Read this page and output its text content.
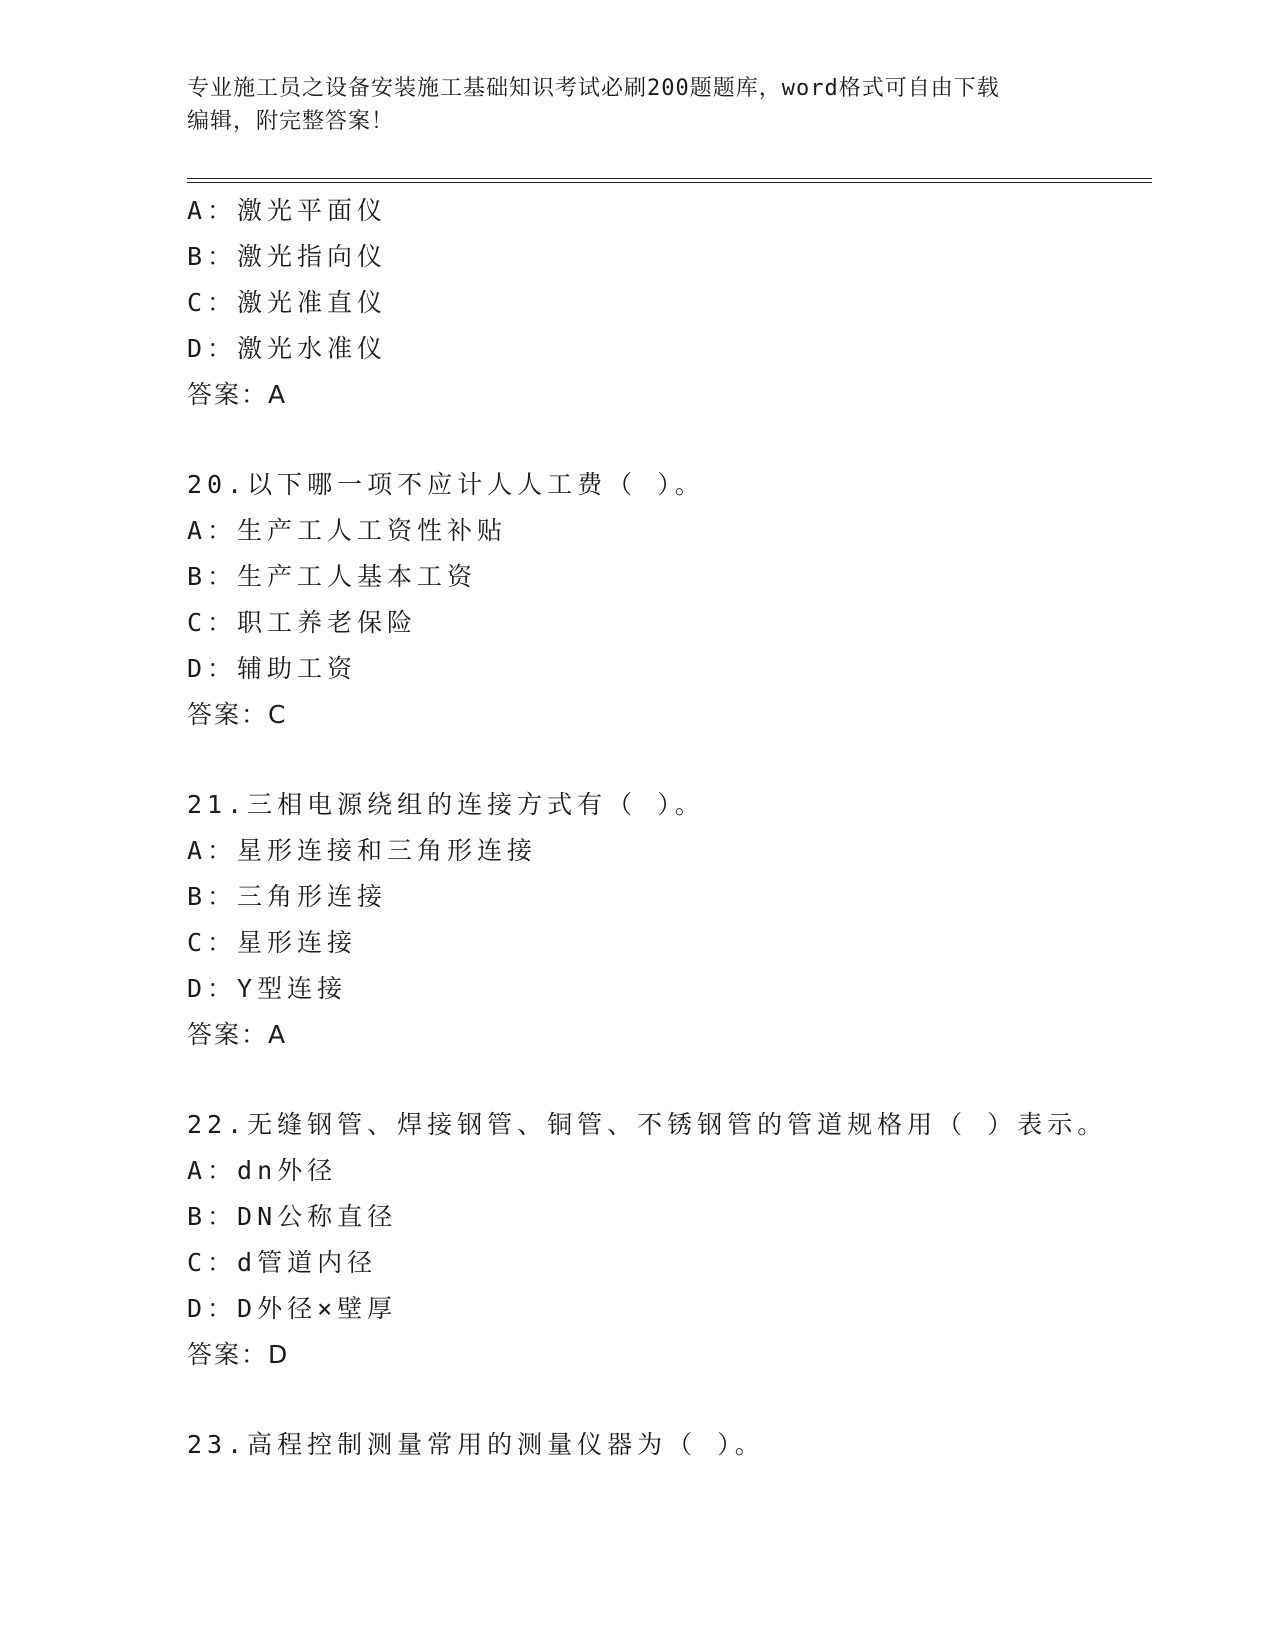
专业施工员之设备安装施工基础知识考试必刷200题题库，word格式可自由下载
编辑，附完整答案！
A：激光平面仪
B：激光指向仪
C：激光准直仪
D：激光水准仪
答案：A
20.以下哪一项不应计人人工费（ ）。
A：生产工人工资性补贴
B：生产工人基本工资
C：职工养老保险
D：辅助工资
答案：C
21.三相电源绕组的连接方式有（ ）。
A：星形连接和三角形连接
B：三角形连接
C：星形连接
D：Y型连接
答案：A
22.无缝钢管、焊接钢管、铜管、不锈钢管的管道规格用（ ）表示。
A：dn外径
B：DN公称直径
C：d管道内径
D：D外径×壁厚
答案：D
23.高程控制测量常用的测量仪器为（ ）。
